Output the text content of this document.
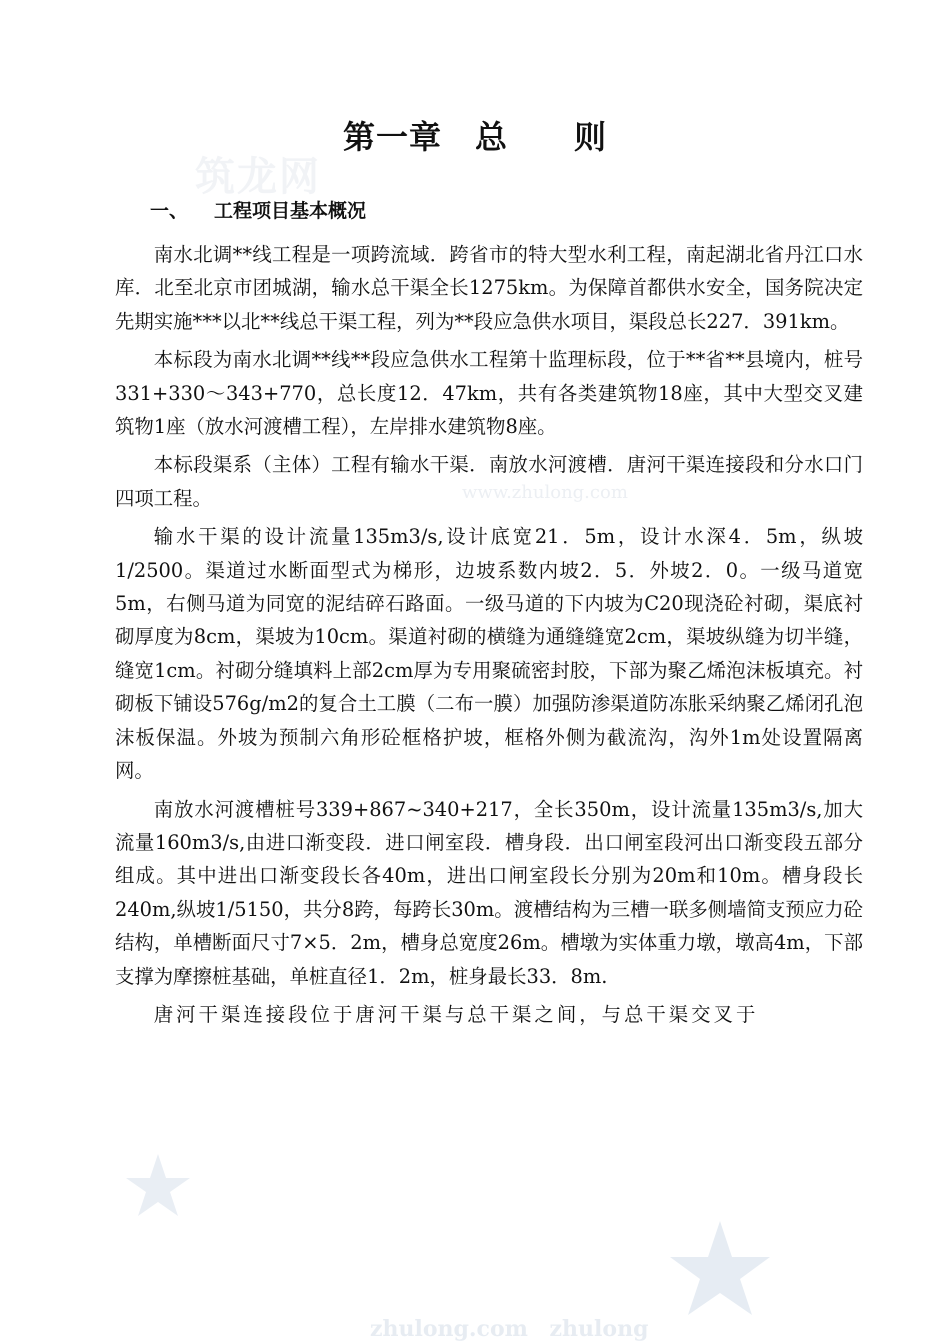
筑龙网
www.zhulong.com
zhulong.com zhulong
第一章　总　　则
一、 工程项目基本概况

南水北调**线工程是一项跨流域．跨省市的特大型水利工程，南起湖北省丹江口水库．北至北京市团城湖，输水总干渠全长1275km。为保障首都供水安全，国务院决定先期实施***以北**线总干渠工程，列为**段应急供水项目，渠段总长227．391km。

本标段为南水北调**线**段应急供水工程第十监理标段，位于**省**县境内，桩号331+330～343+770，总长度12．47km，共有各类建筑物18座，其中大型交叉建筑物1座（放水河渡槽工程），左岸排水建筑物8座。

本标段渠系（主体）工程有输水干渠．南放水河渡槽．唐河干渠连接段和分水口门四项工程。

输水干渠的设计流量135m3/s,设计底宽21．5m，设计水深4．5m，纵坡1/2500。渠道过水断面型式为梯形，边坡系数内坡2．5．外坡2．0。一级马道宽5m，右侧马道为同宽的泥结碎石路面。一级马道的下内坡为C20现浇砼衬砌，渠底衬砌厚度为8cm，渠坡为10cm。渠道衬砌的横缝为通缝缝宽2cm，渠坡纵缝为切半缝，缝宽1cm。衬砌分缝填料上部2cm厚为专用聚硫密封胶，下部为聚乙烯泡沫板填充。衬砌板下铺设576g/m2的复合土工膜（二布一膜）加强防渗渠道防冻胀采纳聚乙烯闭孔泡沫板保温。外坡为预制六角形砼框格护坡，框格外侧为截流沟，沟外1m处设置隔离网。

南放水河渡槽桩号339+867~340+217，全长350m，设计流量135m3/s,加大流量160m3/s,由进口渐变段．进口闸室段．槽身段．出口闸室段河出口渐变段五部分组成。其中进出口渐变段长各40m，进出口闸室段长分别为20m和10m。槽身段长240m,纵坡1/5150，共分8跨，每跨长30m。渡槽结构为三槽一联多侧墙简支预应力砼结构，单槽断面尺寸7×5．2m，槽身总宽度26m。槽墩为实体重力墩，墩高4m，下部支撑为摩擦桩基础，单桩直径1．2m，桩身最长33．8m.

唐河干渠连接段位于唐河干渠与总干渠之间，与总干渠交叉于
